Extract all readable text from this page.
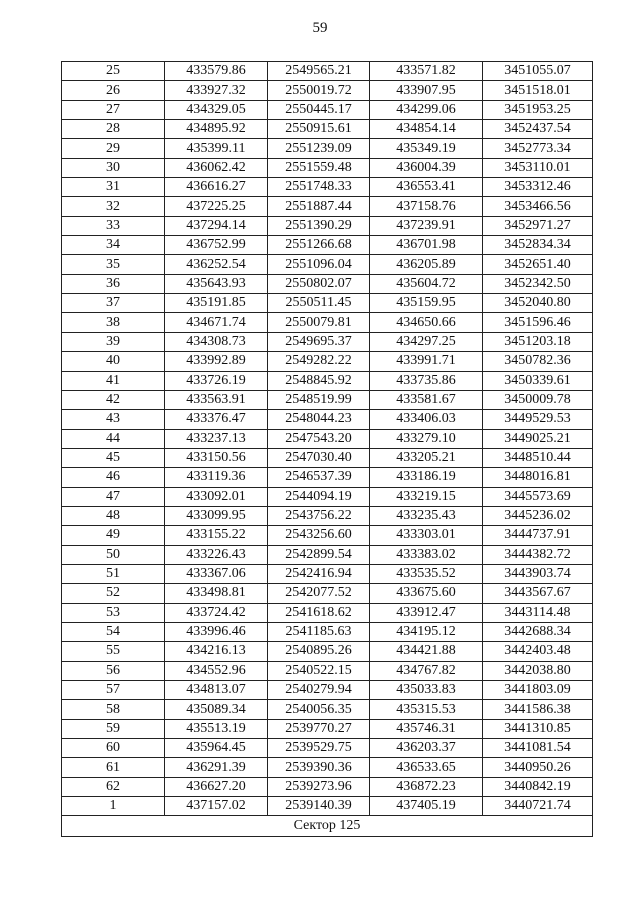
59
25	433579.86	2549565.21	433571.82	3451055.07
26	433927.32	2550019.72	433907.95	3451518.01
27	434329.05	2550445.17	434299.06	3451953.25
28	434895.92	2550915.61	434854.14	3452437.54
29	435399.11	2551239.09	435349.19	3452773.34
30	436062.42	2551559.48	436004.39	3453110.01
31	436616.27	2551748.33	436553.41	3453312.46
32	437225.25	2551887.44	437158.76	3453466.56
33	437294.14	2551390.29	437239.91	3452971.27
34	436752.99	2551266.68	436701.98	3452834.34
35	436252.54	2551096.04	436205.89	3452651.40
36	435643.93	2550802.07	435604.72	3452342.50
37	435191.85	2550511.45	435159.95	3452040.80
38	434671.74	2550079.81	434650.66	3451596.46
39	434308.73	2549695.37	434297.25	3451203.18
40	433992.89	2549282.22	433991.71	3450782.36
41	433726.19	2548845.92	433735.86	3450339.61
42	433563.91	2548519.99	433581.67	3450009.78
43	433376.47	2548044.23	433406.03	3449529.53
44	433237.13	2547543.20	433279.10	3449025.21
45	433150.56	2547030.40	433205.21	3448510.44
46	433119.36	2546537.39	433186.19	3448016.81
47	433092.01	2544094.19	433219.15	3445573.69
48	433099.95	2543756.22	433235.43	3445236.02
49	433155.22	2543256.60	433303.01	3444737.91
50	433226.43	2542899.54	433383.02	3444382.72
51	433367.06	2542416.94	433535.52	3443903.74
52	433498.81	2542077.52	433675.60	3443567.67
53	433724.42	2541618.62	433912.47	3443114.48
54	433996.46	2541185.63	434195.12	3442688.34
55	434216.13	2540895.26	434421.88	3442403.48
56	434552.96	2540522.15	434767.82	3442038.80
57	434813.07	2540279.94	435033.83	3441803.09
58	435089.34	2540056.35	435315.53	3441586.38
59	435513.19	2539770.27	435746.31	3441310.85
60	435964.45	2539529.75	436203.37	3441081.54
61	436291.39	2539390.36	436533.65	3440950.26
62	436627.20	2539273.96	436872.23	3440842.19
1	437157.02	2539140.39	437405.19	3440721.74
Сектор 125				
